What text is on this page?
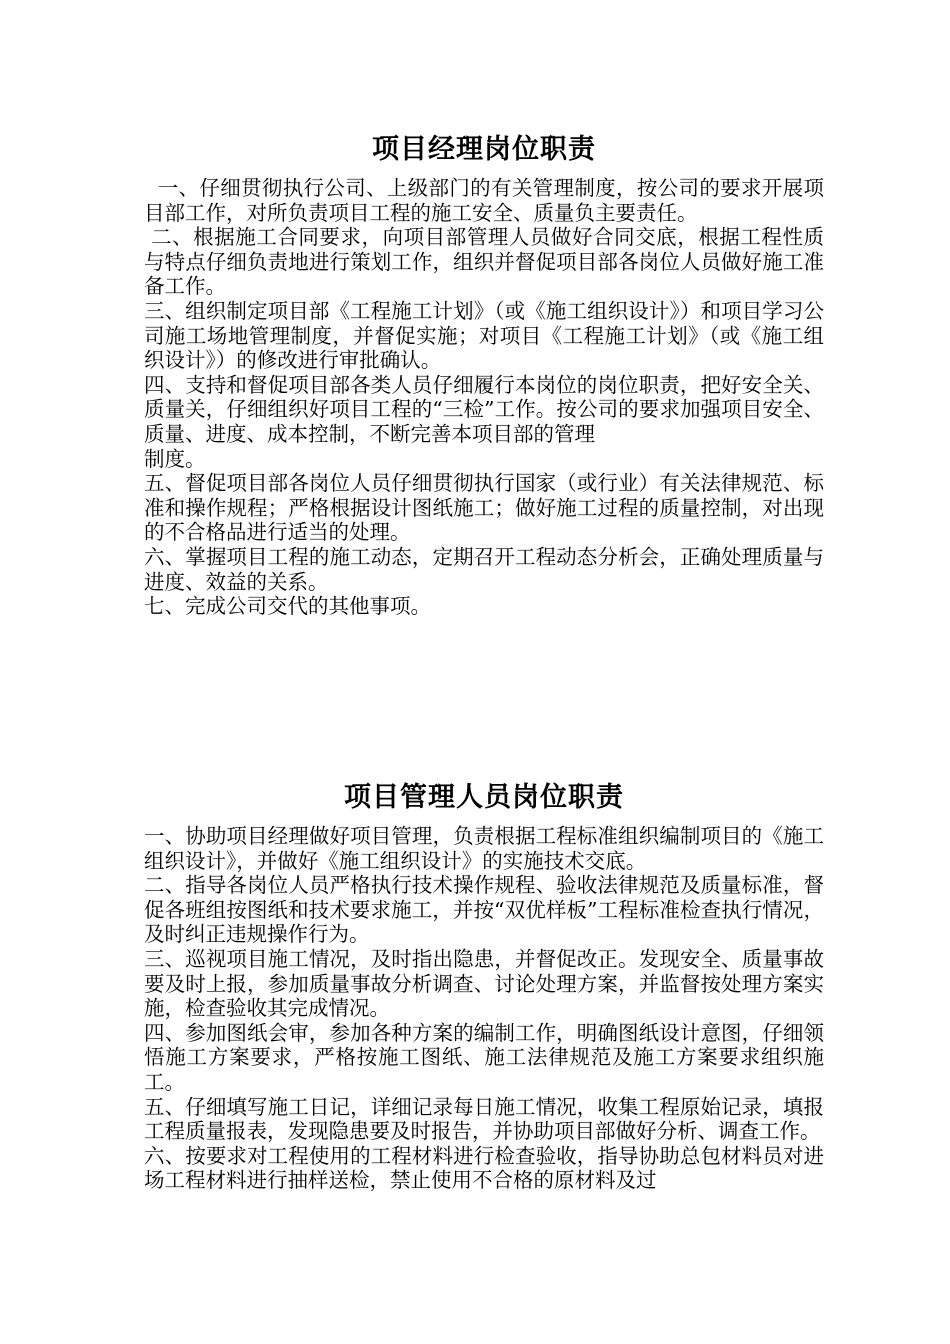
项目经理岗位职责

一、仔细贯彻执行公司、上级部门的有关管理制度，按公司的要求开展项目部工作，对所负责项目工程的施工安全、质量负主要责任。

二、根据施工合同要求，向项目部管理人员做好合同交底，根据工程性质与特点仔细负责地进行策划工作，组织并督促项目部各岗位人员做好施工准备工作。

三、组织制定项目部《工程施工计划》（或《施工组织设计》）和项目学习公司施工场地管理制度，并督促实施；对项目《工程施工计划》（或《施工组织设计》）的修改进行审批确认。

四、支持和督促项目部各类人员仔细履行本岗位的岗位职责，把好安全关、质量关，仔细组织好项目工程的“三检”工作。按公司的要求加强项目安全、质量、进度、成本控制，不断完善本项目部的管理
制度。

五、督促项目部各岗位人员仔细贯彻执行国家（或行业）有关法律规范、标准和操作规程；严格根据设计图纸施工；做好施工过程的质量控制，对出现的不合格品进行适当的处理。

六、掌握项目工程的施工动态，定期召开工程动态分析会，正确处理质量与进度、效益的关系。

七、完成公司交代的其他事项。

项目管理人员岗位职责

一、协助项目经理做好项目管理，负责根据工程标准组织编制项目的《施工组织设计》，并做好《施工组织设计》的实施技术交底。

二、指导各岗位人员严格执行技术操作规程、验收法律规范及质量标准，督促各班组按图纸和技术要求施工，并按“双优样板”工程标准检查执行情况，及时纠正违规操作行为。

三、巡视项目施工情况，及时指出隐患，并督促改正。发现安全、质量事故要及时上报，参加质量事故分析调查、讨论处理方案，并监督按处理方案实施，检查验收其完成情况。

四、参加图纸会审，参加各种方案的编制工作，明确图纸设计意图，仔细领悟施工方案要求，严格按施工图纸、施工法律规范及施工方案要求组织施工。

五、仔细填写施工日记，详细记录每日施工情况，收集工程原始记录，填报工程质量报表，发现隐患要及时报告，并协助项目部做好分析、调查工作。

六、按要求对工程使用的工程材料进行检查验收，指导协助总包材料员对进场工程材料进行抽样送检，禁止使用不合格的原材料及过
